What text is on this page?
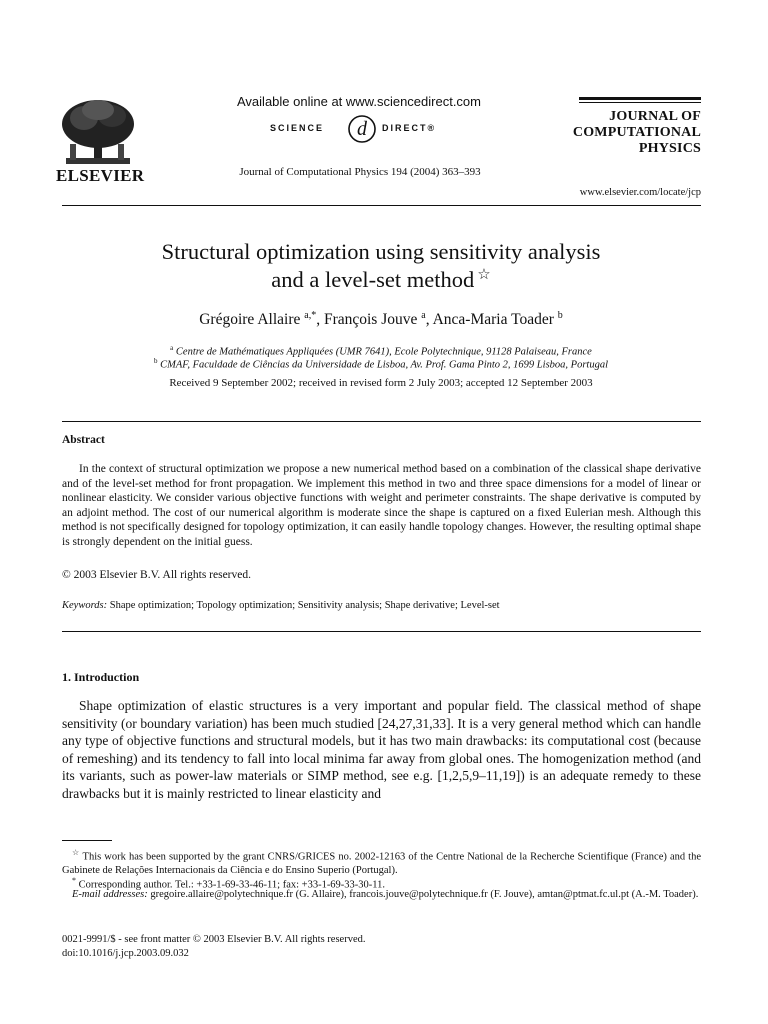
ELSEVIER
Available online at www.sciencedirect.com
SCIENCE d DIRECT®
Journal of Computational Physics 194 (2004) 363–393
JOURNAL OF
COMPUTATIONAL
PHYSICS
www.elsevier.com/locate/jcp
Structural optimization using sensitivity analysis
and a level-set method ☆
Grégoire Allaire $^{a,*}$, François Jouve $^a$, Anca-Maria Toader $^b$
$^a$ Centre de Mathématiques Appliquées (UMR 7641), Ecole Polytechnique, 91128 Palaiseau, France
$^b$ CMAF, Faculdade de Ciências da Universidade de Lisboa, Av. Prof. Gama Pinto 2, 1699 Lisboa, Portugal
Received 9 September 2002; received in revised form 2 July 2003; accepted 12 September 2003
Abstract
In the context of structural optimization we propose a new numerical method based on a combination of the classical shape derivative and of the level-set method for front propagation. We implement this method in two and three space dimensions for a model of linear or nonlinear elasticity. We consider various objective functions with weight and perimeter constraints. The shape derivative is computed by an adjoint method. The cost of our numerical algorithm is moderate since the shape is captured on a fixed Eulerian mesh. Although this method is not specifically designed for topology optimization, it can easily handle topology changes. However, the resulting optimal shape is strongly dependent on the initial guess.
© 2003 Elsevier B.V. All rights reserved.
Keywords: Shape optimization; Topology optimization; Sensitivity analysis; Shape derivative; Level-set
1. Introduction
Shape optimization of elastic structures is a very important and popular field. The classical method of shape sensitivity (or boundary variation) has been much studied [24,27,31,33]. It is a very general method which can handle any type of objective functions and structural models, but it has two main drawbacks: its computational cost (because of remeshing) and its tendency to fall into local minima far away from global ones. The homogenization method (and its variants, such as power-law materials or SIMP method, see e.g. [1,2,5,9–11,19]) is an adequate remedy to these drawbacks but it is mainly restricted to linear elasticity and
☆ This work has been supported by the grant CNRS/GRICES no. 2002-12163 of the Centre National de la Recherche Scientifique (France) and the Gabinete de Relações Internacionais da Ciência e do Ensino Superio (Portugal).
* Corresponding author. Tel.: +33-1-69-33-46-11; fax: +33-1-69-33-30-11.
E-mail addresses: gregoire.allaire@polytechnique.fr (G. Allaire), francois.jouve@polytechnique.fr (F. Jouve), amtan@ptmat.fc.ul.pt (A.-M. Toader).
0021-9991/$ - see front matter © 2003 Elsevier B.V. All rights reserved.
doi:10.1016/j.jcp.2003.09.032
